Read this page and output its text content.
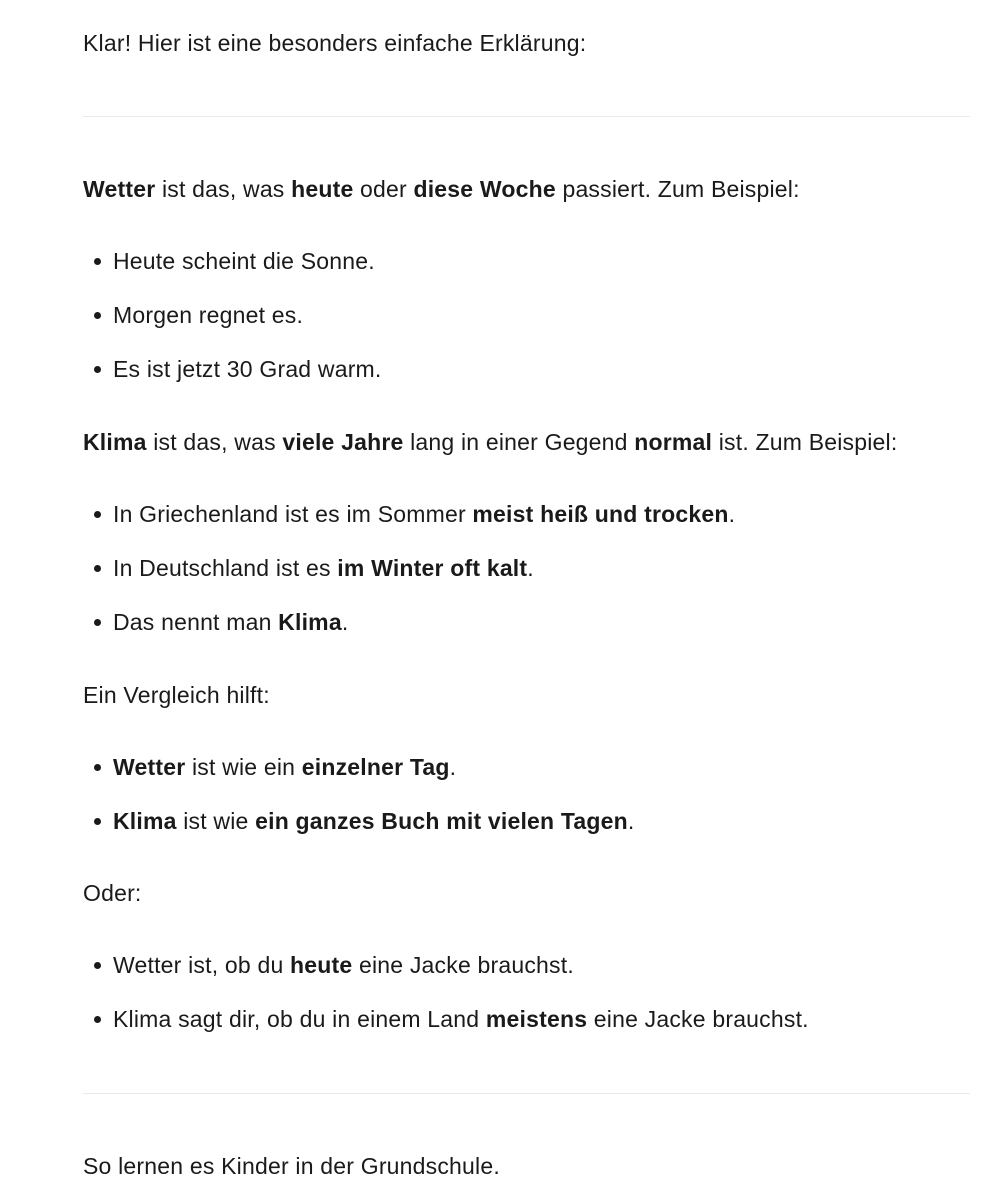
Klar! Hier ist eine besonders einfache Erklärung:

Wetter ist das, was heute oder diese Woche passiert. Zum Beispiel:

Heute scheint die Sonne.
Morgen regnet es.
Es ist jetzt 30 Grad warm.

Klima ist das, was viele Jahre lang in einer Gegend normal ist. Zum Beispiel:

In Griechenland ist es im Sommer meist heiß und trocken.
In Deutschland ist es im Winter oft kalt.
Das nennt man Klima.

Ein Vergleich hilft:

Wetter ist wie ein einzelner Tag.
Klima ist wie ein ganzes Buch mit vielen Tagen.

Oder:

Wetter ist, ob du heute eine Jacke brauchst.
Klima sagt dir, ob du in einem Land meistens eine Jacke brauchst.

So lernen es Kinder in der Grundschule.
